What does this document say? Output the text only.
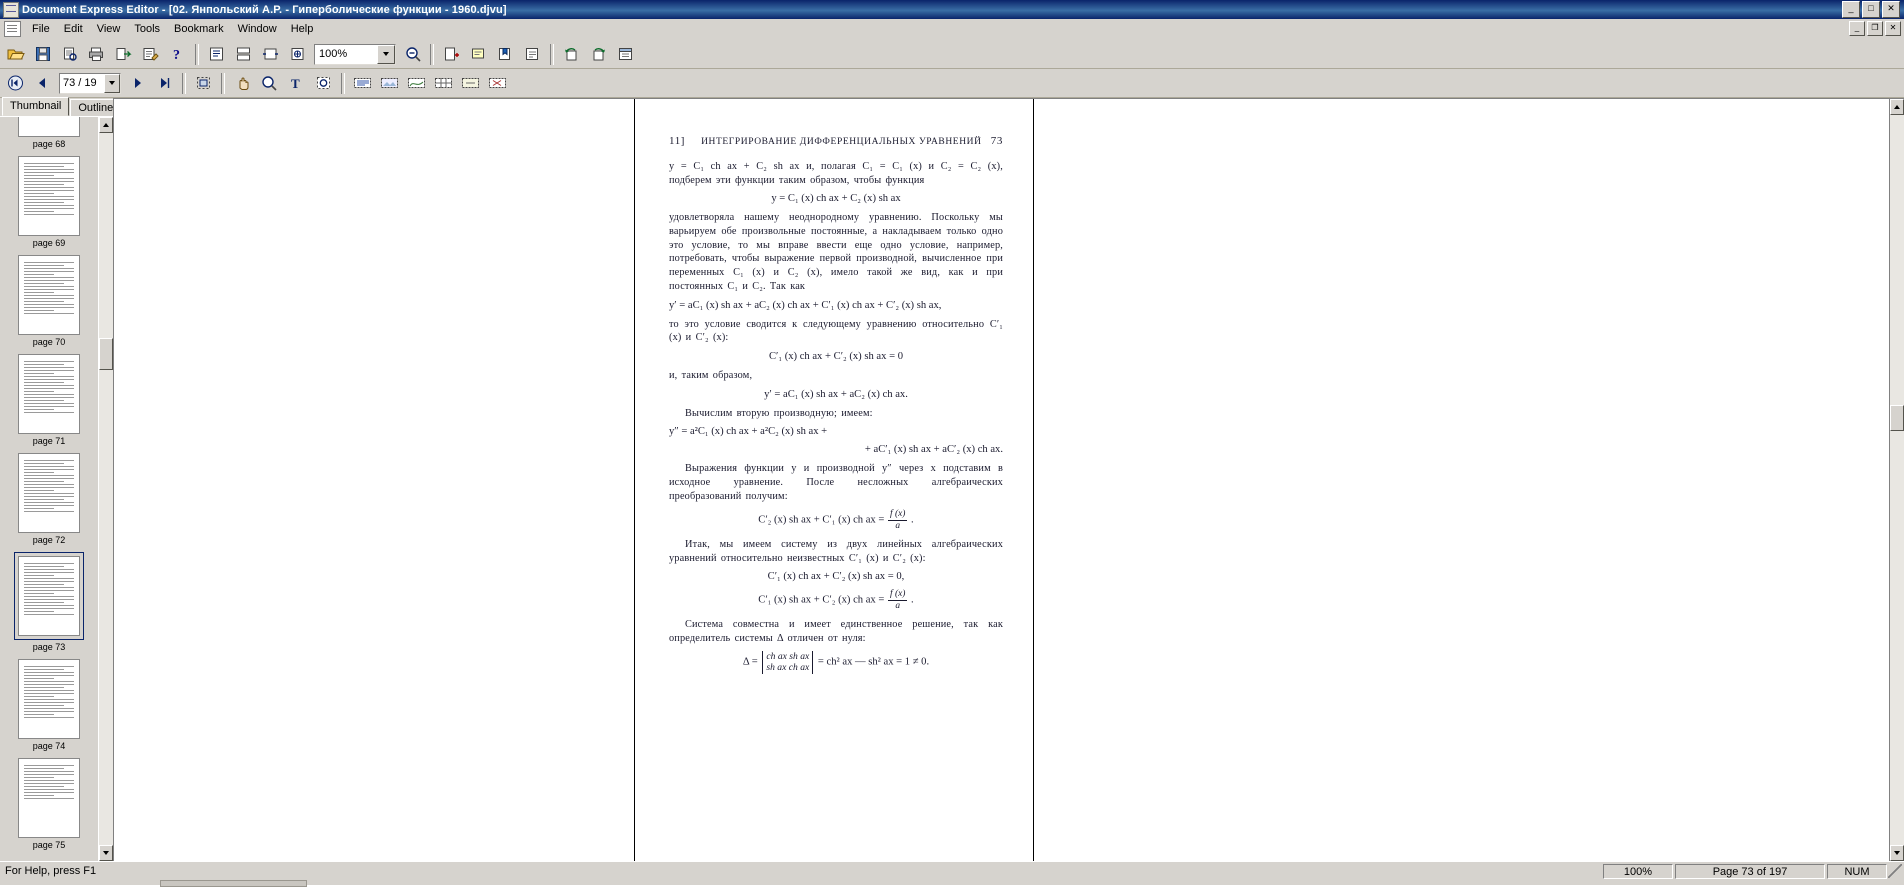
Document Express Editor - [02. Янпольский А.Р. - Гиперболические функции - 1960.djvu]	_	□	✕
File	Edit	View	Tools	Bookmark	Window	Help	_	❐	✕
?	100%
73 / 19	T
Thumbnail	Outline
page 68
page 69
page 70
page 71
page 72
page 73
page 74
page 75
11] ИНТЕГРИРОВАНИЕ ДИФФЕРЕНЦИАЛЬНЫХ УРАВНЕНИЙ 73

y = C₁ ch ax + C₂ sh ax и, полагая C₁ = C₁ (x) и C₂ = C₂ (x), подберем эти функции таким образом, чтобы функция

y = C₁ (x) ch ax + C₂ (x) sh ax

удовлетворяла нашему неоднородному уравнению. Поскольку мы варьируем обе произвольные постоянные, а накладываем только одно это условие, то мы вправе ввести еще одно условие, например, потребовать, чтобы выражение первой производной, вычисленное при переменных C₁ (x) и C₂ (x), имело такой же вид, как и при постоянных C₁ и C₂. Так как

y′ = aC₁ (x) sh ax + aC₂ (x) ch ax + C′₁ (x) ch ax + C′₂ (x) sh ax,

то это условие сводится к следующему уравнению относительно C′₁ (x) и C′₂ (x):

C′₁ (x) ch ax + C′₂ (x) sh ax = 0

и, таким образом,

y′ = aC₁ (x) sh ax + aC₂ (x) ch ax.

Вычислим вторую производную; имеем:

y″ = a²C₁ (x) ch ax + a²C₂ (x) sh ax +
+ aC′₁ (x) sh ax + aC′₂ (x) ch ax.

Выражения функции y и производной y″ через x подставим в исходное уравнение. После несложных алгебраических преобразований получим:

C′₂ (x) sh ax + C′₁ (x) ch ax = $\frac{f (x)}{a}$ .

Итак, мы имеем систему из двух линейных алгебраических уравнений относительно неизвестных C′₁ (x) и C′₂ (x):

C′₁ (x) ch ax + C′₂ (x) sh ax = 0,
C′₁ (x) sh ax + C′₂ (x) ch ax = $\frac{f (x)}{a}$ .

Система совместна и имеет единственное решение, так как определитель системы Δ отличен от нуля:

Δ = ch ax sh ax
sh ax ch ax
= ch² ax — sh² ax = 1 ≠ 0.
For Help, press F1	100%	Page 73 of 197	NUM
